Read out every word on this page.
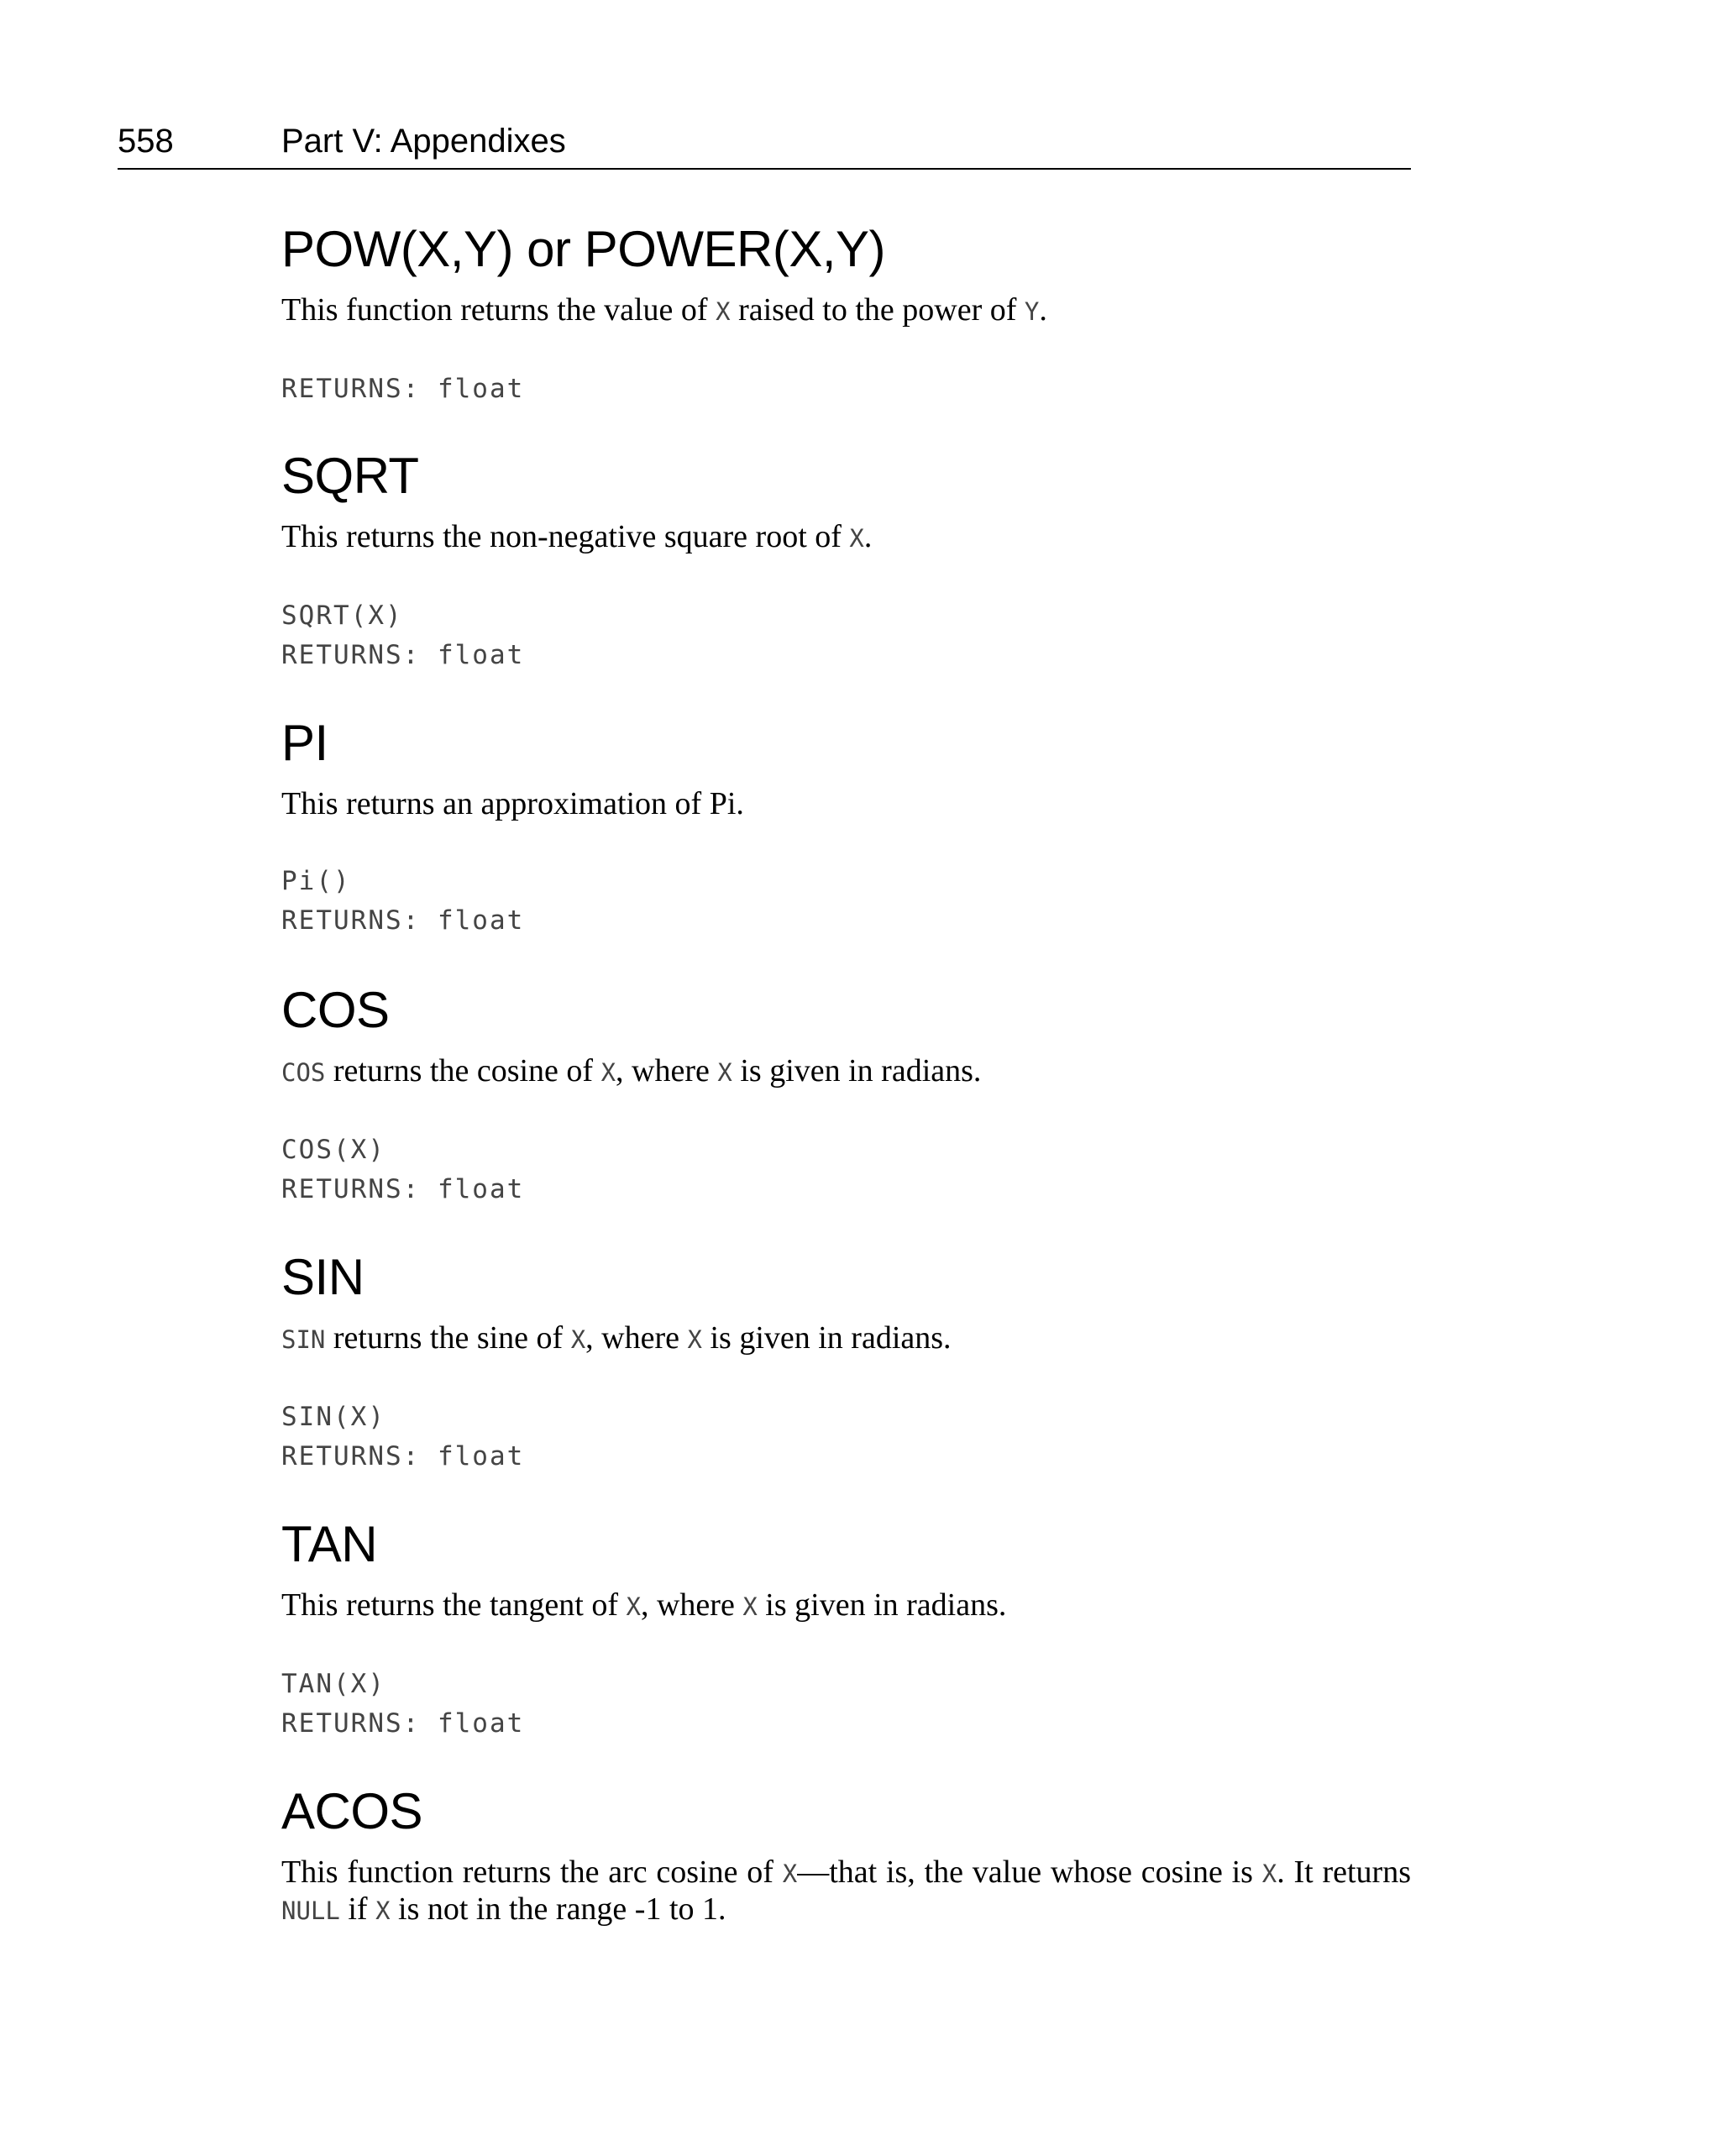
558	Part V: Appendixes
POW(X,Y) or POWER(X,Y)

This function returns the value of X raised to the power of Y.

RETURNS: float
SQRT

This returns the non-negative square root of X.

SQRT(X)
RETURNS: float
PI

This returns an approximation of Pi.

Pi()
RETURNS: float
COS

COS returns the cosine of X, where X is given in radians.

COS(X)
RETURNS: float
SIN

SIN returns the sine of X, where X is given in radians.

SIN(X)
RETURNS: float
TAN

This returns the tangent of X, where X is given in radians.

TAN(X)
RETURNS: float
ACOS

This function returns the arc cosine of X—that is, the value whose cosine is X. It returns NULL if X is not in the range -1 to 1.
